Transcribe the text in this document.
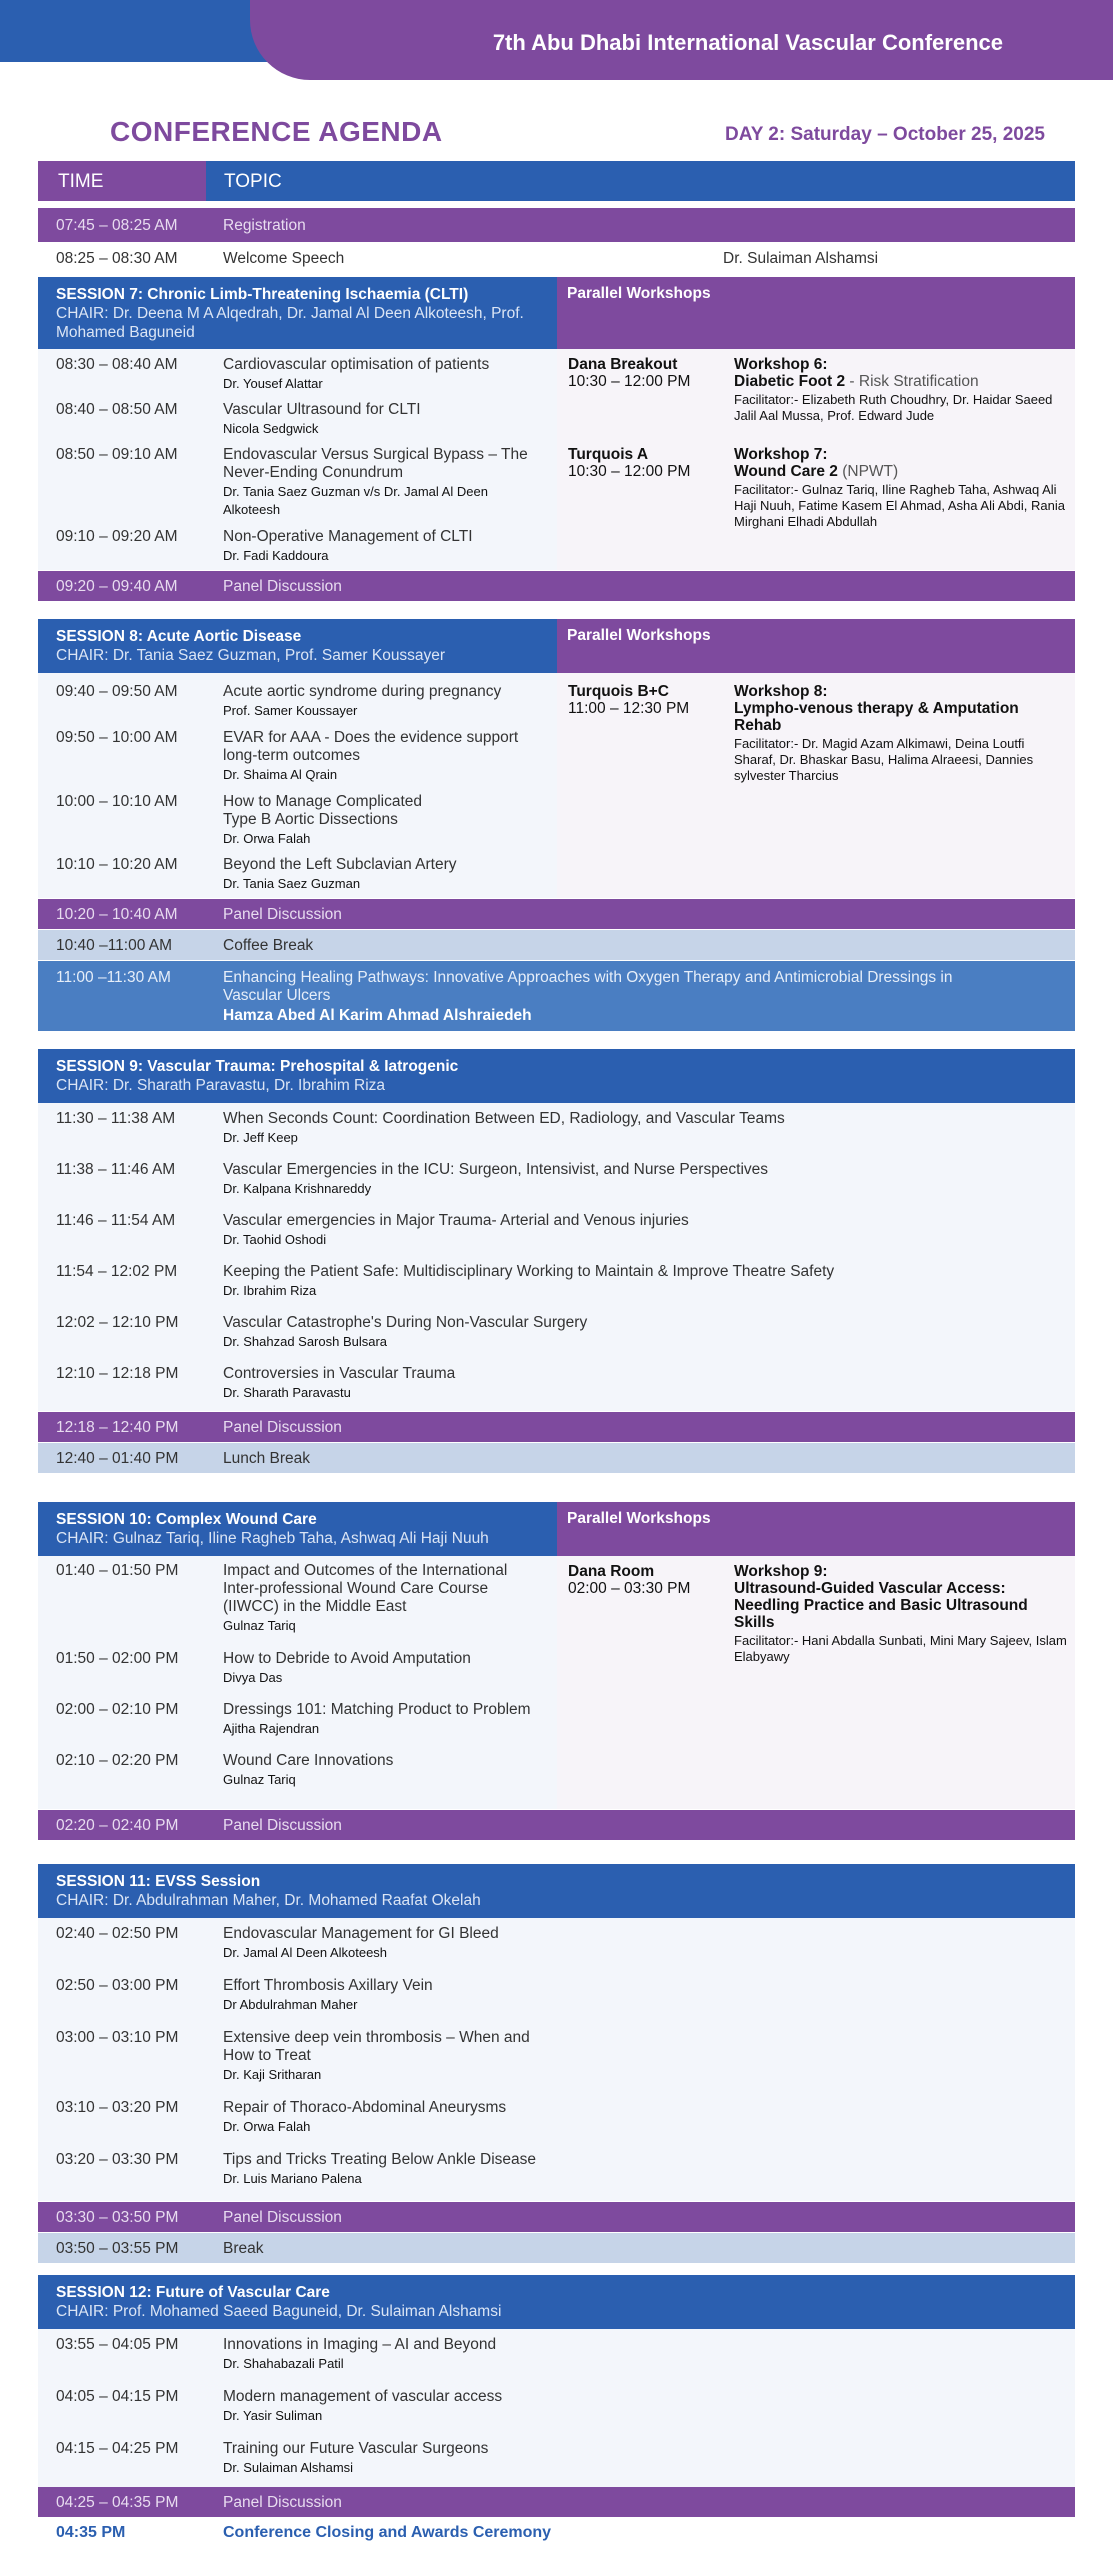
7th Abu Dhabi International Vascular Conference
CONFERENCE AGENDA	DAY 2: Saturday – October 25, 2025
TIME	TOPIC
07:45 – 08:25 AM	Registration
08:25 – 08:30 AM	Welcome Speech	Dr. Sulaiman Alshamsi
SESSION 7: Chronic Limb-Threatening Ischaemia (CLTI)
CHAIR: Dr. Deena M A Alqedrah, Dr. Jamal Al Deen Alkoteesh, Prof. Mohamed Baguneid
Parallel Workshops
08:30 – 08:40 AM	Cardiovascular optimisation of patients
Dr. Yousef Alattar
08:40 – 08:50 AM	Vascular Ultrasound for CLTI
Nicola Sedgwick
08:50 – 09:10 AM	Endovascular Versus Surgical Bypass – The Never-Ending Conundrum
Dr. Tania Saez Guzman v/s Dr. Jamal Al Deen Alkoteesh
09:10 – 09:20 AM	Non-Operative Management of CLTI
Dr. Fadi Kaddoura
Dana Breakout
10:30 – 12:00 PM
Workshop 6:
Diabetic Foot 2 - Risk Stratification
Facilitator:- Elizabeth Ruth Choudhry, Dr. Haidar Saeed Jalil Aal Mussa, Prof. Edward Jude
Turquois A
10:30 – 12:00 PM
Workshop 7:
Wound Care 2 (NPWT)
Facilitator:- Gulnaz Tariq, Iline Ragheb Taha, Ashwaq Ali Haji Nuuh, Fatime Kasem El Ahmad, Asha Ali Abdi, Rania Mirghani Elhadi Abdullah
09:20 – 09:40 AM	Panel Discussion
SESSION 8: Acute Aortic Disease
CHAIR: Dr. Tania Saez Guzman, Prof. Samer Koussayer
Parallel Workshops
09:40 – 09:50 AM	Acute aortic syndrome during pregnancy
Prof. Samer Koussayer
09:50 – 10:00 AM	EVAR for AAA - Does the evidence support long-term outcomes
Dr. Shaima Al Qrain
10:00 – 10:10 AM	How to Manage Complicated Type B Aortic Dissections
Dr. Orwa Falah
10:10 – 10:20 AM	Beyond the Left Subclavian Artery
Dr. Tania Saez Guzman
Turquois B+C
11:00 – 12:30 PM
Workshop 8:
Lympho-venous therapy & Amputation Rehab
Facilitator:- Dr. Magid Azam Alkimawi, Deina Loutfi Sharaf, Dr. Bhaskar Basu, Halima Alraeesi, Dannies sylvester Tharcius
10:20 – 10:40 AM	Panel Discussion
10:40 –11:00 AM	Coffee Break
11:00 –11:30 AM	Enhancing Healing Pathways: Innovative Approaches with Oxygen Therapy and Antimicrobial Dressings in Vascular Ulcers
Hamza Abed Al Karim Ahmad Alshraiedeh
SESSION 9: Vascular Trauma: Prehospital & Iatrogenic
CHAIR: Dr. Sharath Paravastu, Dr. Ibrahim Riza
11:30 – 11:38 AM	When Seconds Count: Coordination Between ED, Radiology, and Vascular Teams
Dr. Jeff Keep
11:38 – 11:46 AM	Vascular Emergencies in the ICU: Surgeon, Intensivist, and Nurse Perspectives
Dr. Kalpana Krishnareddy
11:46 – 11:54 AM	Vascular emergencies in Major Trauma- Arterial and Venous injuries
Dr. Taohid Oshodi
11:54 – 12:02 PM	Keeping the Patient Safe: Multidisciplinary Working to Maintain & Improve Theatre Safety
Dr. Ibrahim Riza
12:02 – 12:10 PM	Vascular Catastrophe's During Non-Vascular Surgery
Dr. Shahzad Sarosh Bulsara
12:10 – 12:18 PM	Controversies in Vascular Trauma
Dr. Sharath Paravastu
12:18 – 12:40 PM	Panel Discussion
12:40 – 01:40 PM	Lunch Break
SESSION 10: Complex Wound Care
CHAIR: Gulnaz Tariq, Iline Ragheb Taha, Ashwaq Ali Haji Nuuh
Parallel Workshops
01:40 – 01:50 PM	Impact and Outcomes of the International Inter-professional Wound Care Course (IIWCC) in the Middle East
Gulnaz Tariq
01:50 – 02:00 PM	How to Debride to Avoid Amputation
Divya Das
02:00 – 02:10 PM	Dressings 101: Matching Product to Problem
Ajitha Rajendran
02:10 – 02:20 PM	Wound Care Innovations
Gulnaz Tariq
Dana Room
02:00 – 03:30 PM
Workshop 9:
Ultrasound-Guided Vascular Access: Needling Practice and Basic Ultrasound Skills
Facilitator:- Hani Abdalla Sunbati, Mini Mary Sajeev, Islam Elabyawy
02:20 – 02:40 PM	Panel Discussion
SESSION 11: EVSS Session
CHAIR: Dr. Abdulrahman Maher, Dr. Mohamed Raafat Okelah
02:40 – 02:50 PM	Endovascular Management for GI Bleed
Dr. Jamal Al Deen Alkoteesh
02:50 – 03:00 PM	Effort Thrombosis Axillary Vein
Dr Abdulrahman Maher
03:00 – 03:10 PM	Extensive deep vein thrombosis – When and How to Treat
Dr. Kaji Sritharan
03:10 – 03:20 PM	Repair of Thoraco-Abdominal Aneurysms
Dr. Orwa Falah
03:20 – 03:30 PM	Tips and Tricks Treating Below Ankle Disease
Dr. Luis Mariano Palena
03:30 – 03:50 PM	Panel Discussion
03:50 – 03:55 PM	Break
SESSION 12: Future of Vascular Care
CHAIR: Prof. Mohamed Saeed Baguneid, Dr. Sulaiman Alshamsi
03:55 – 04:05 PM	Innovations in Imaging – AI and Beyond
Dr. Shahabazali Patil
04:05 – 04:15 PM	Modern management of vascular access
Dr. Yasir Suliman
04:15 – 04:25 PM	Training our Future Vascular Surgeons
Dr. Sulaiman Alshamsi
04:25 – 04:35 PM	Panel Discussion
04:35 PM	Conference Closing and Awards Ceremony
